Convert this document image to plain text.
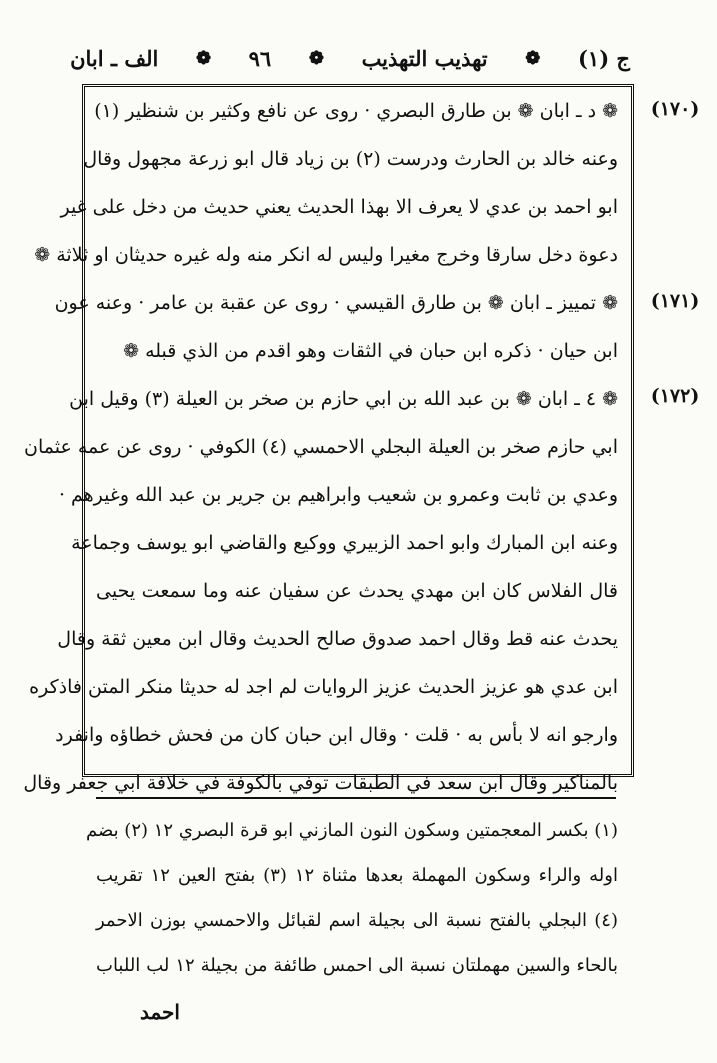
ج (١)
❁
تهذيب التهذيب
❁
٩٦
❁
الف ـ ابان
(١٧٠)
(١٧١)
(١٧٢)
❁ د ـ ابان ❁ بن طارق البصري · روى عن نافع وكثير بن شنظير (١)
وعنه خالد بن الحارث ودرست (٢) بن زياد قال ابو زرعة مجهول وقال
ابو احمد بن عدي لا يعرف الا بهذا الحديث يعني حديث من دخل على غير
دعوة دخل سارقا وخرج مغيرا وليس له انكر منه وله غيره حديثان او ثلاثة ❁
❁ تمييز ـ ابان ❁ بن طارق القيسي · روى عن عقبة بن عامر · وعنه عون
ابن حيان · ذكره ابن حبان في الثقات وهو اقدم من الذي قبله ❁
❁ ٤ ـ ابان ❁ بن عبد الله بن ابي حازم بن صخر بن العيلة (٣) وقيل ابن
ابي حازم صخر بن العيلة البجلي الاحمسي (٤) الكوفي · روى عن عمه عثمان
وعدي بن ثابت وعمرو بن شعيب وابراهيم بن جرير بن عبد الله وغيرهم ·
وعنه ابن المبارك وابو احمد الزبيري ووكيع والقاضي ابو يوسف وجماعة
قال الفلاس كان ابن مهدي يحدث عن سفيان عنه وما سمعت يحيى
يحدث عنه قط وقال احمد صدوق صالح الحديث وقال ابن معين ثقة وقال
ابن عدي هو عزيز الحديث عزيز الروايات لم اجد له حديثا منكر المتن فاذكره
وارجو انه لا بأس به · قلت · وقال ابن حبان كان من فحش خطاؤه وانفرد
بالمناكير وقال ابن سعد في الطبقات توفي بالكوفة في خلافة ابي جعفر وقال
(١) بكسر المعجمتين وسكون النون المازني ابو قرة البصري ١٢ (٢) بضم
اوله والراء وسكون المهملة بعدها مثناة ١٢ (٣) بفتح العين ١٢ تقريب
(٤) البجلي بالفتح نسبة الى بجيلة اسم لقبائل والاحمسي بوزن الاحمر
بالحاء والسين مهملتان نسبة الى احمس طائفة من بجيلة ١٢ لب اللباب
احمد
